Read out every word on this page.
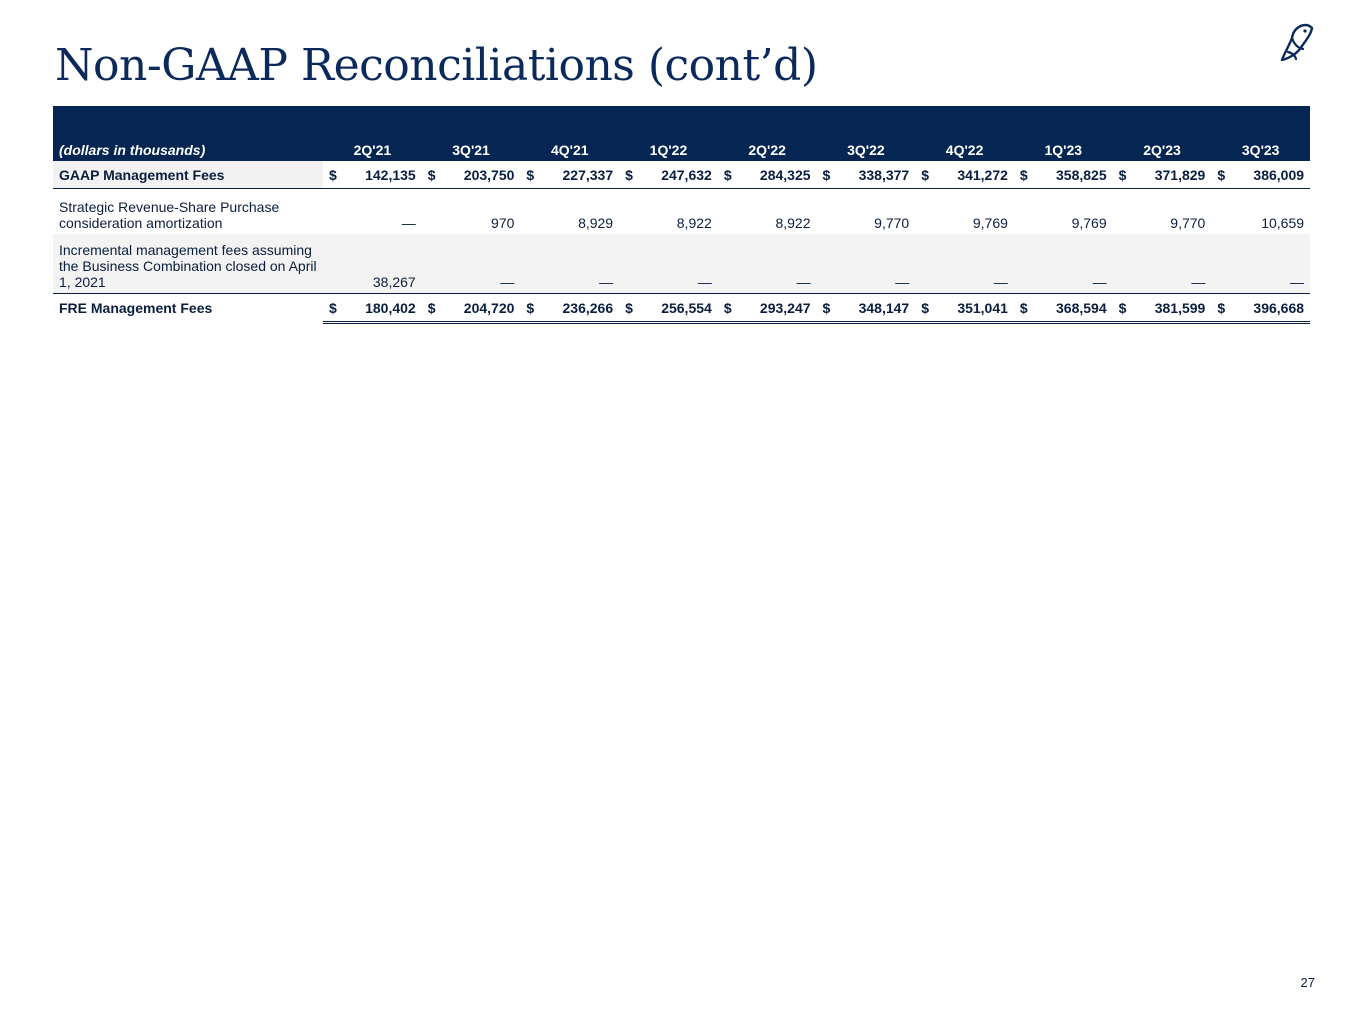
Non-GAAP Reconciliations (cont’d)
(dollars in thousands)	2Q'21		3Q'21		4Q'21		1Q'22		2Q'22		3Q'22		4Q'22		1Q'23		2Q'23		3Q'23	
GAAP Management Fees	$	142,135	$	203,750	$	227,337	$	247,632	$	284,325	$	338,377	$	341,272	$	358,825	$	371,829	$	386,009
Strategic Revenue-Share Purchase consideration amortization		—		970		8,929		8,922		8,922		9,770		9,769		9,769		9,770		10,659
Incremental management fees assuming the Business Combination closed on April 1, 2021		38,267		—		—		—		—		—		—		—		—		—
FRE Management Fees	$	180,402	$	204,720	$	236,266	$	256,554	$	293,247	$	348,147	$	351,041	$	368,594	$	381,599	$	396,668
27
